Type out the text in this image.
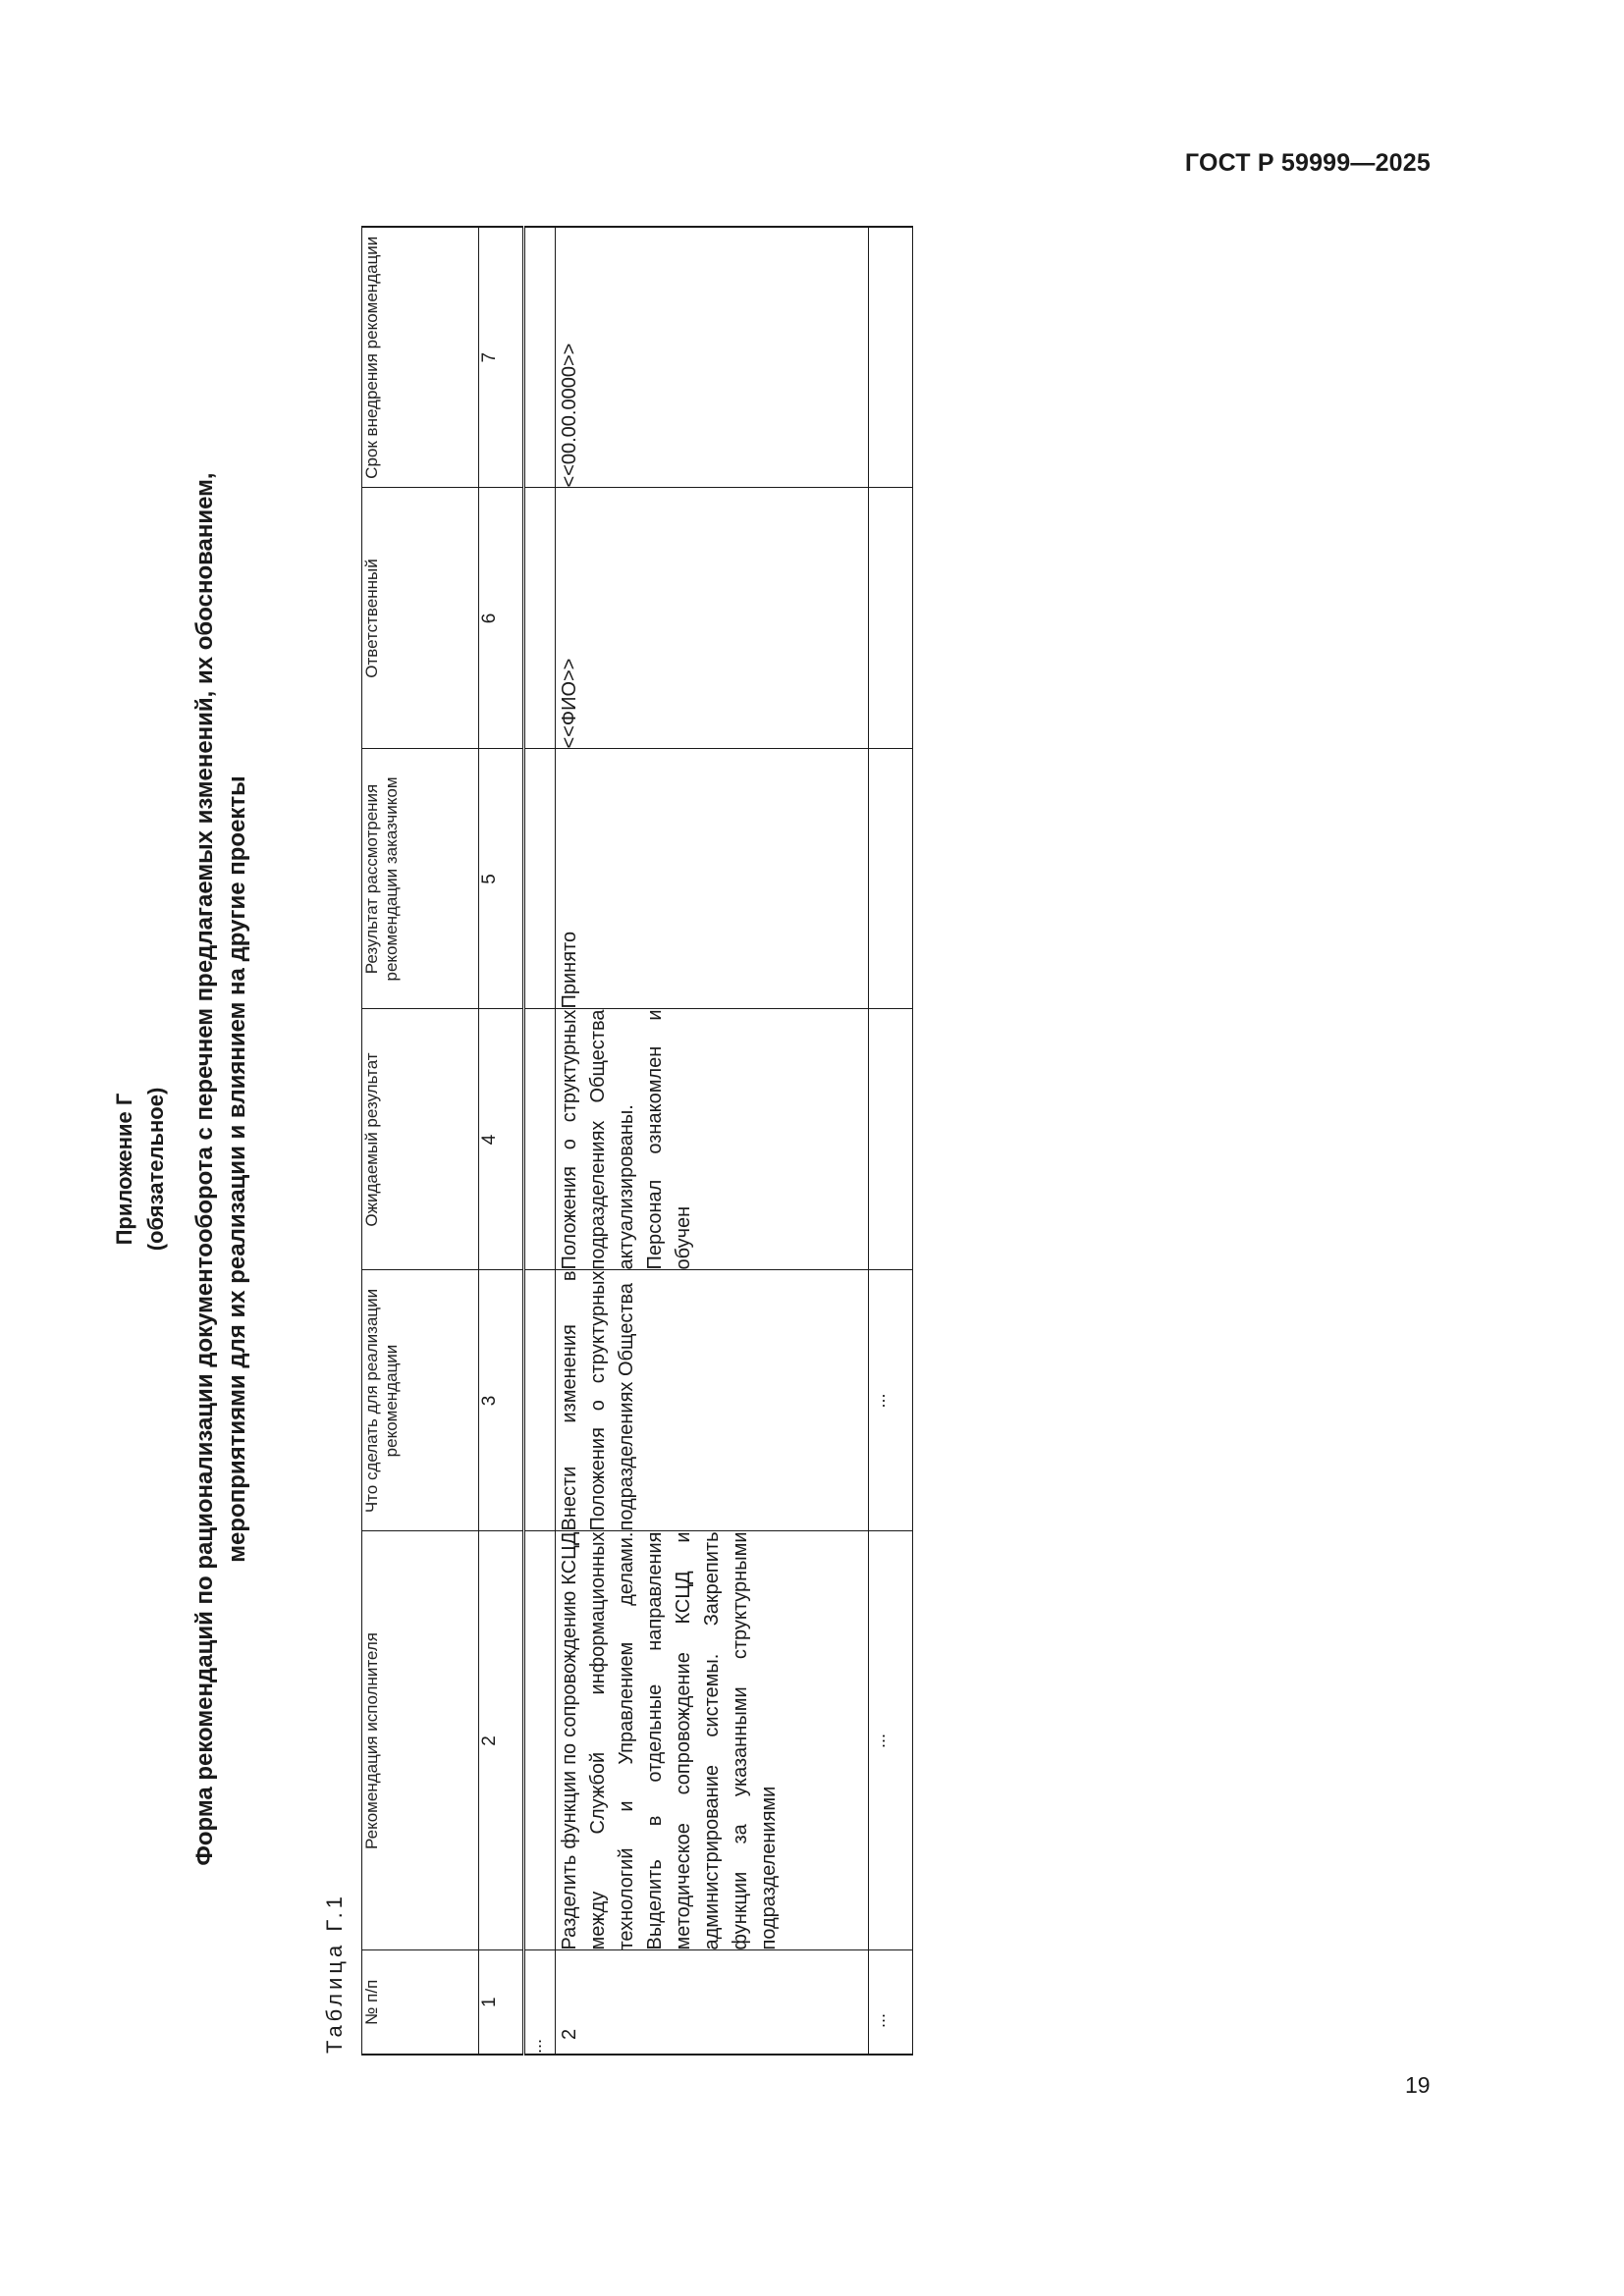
ГОСТ Р 59999—2025
Приложение Г (обязательное) Форма рекомендаций по рационализации документооборота с перечнем предлагаемых изменений, их обоснованием, мероприятиями для их реализации и влиянием на другие проекты
Таблица Г.1 № п/п	Рекомендация исполнителя	Что сделать для реализации рекомендации	Ожидаемый результат	Результат рассмотрения рекомендации заказчиком	Ответственный	Срок внедрения рекомендации
1	2	3	4	5	6	7
...						
2	Разделить функции по сопровождению КСЦД между Службой информационных технологий и Управлением делами. Выделить в отдельные направления методическое сопровождение КСЦД и администрирование системы. Закрепить функции за указанными структурными подразделениями	Внести изменения в Положения о структурных подразделениях Общества	Положения о структурных подразделениях Общества актуализированы. Персонал ознакомлен и обучен	Принято	<<ФИО>>	<<00.00.0000>>
...	...	...				
19
